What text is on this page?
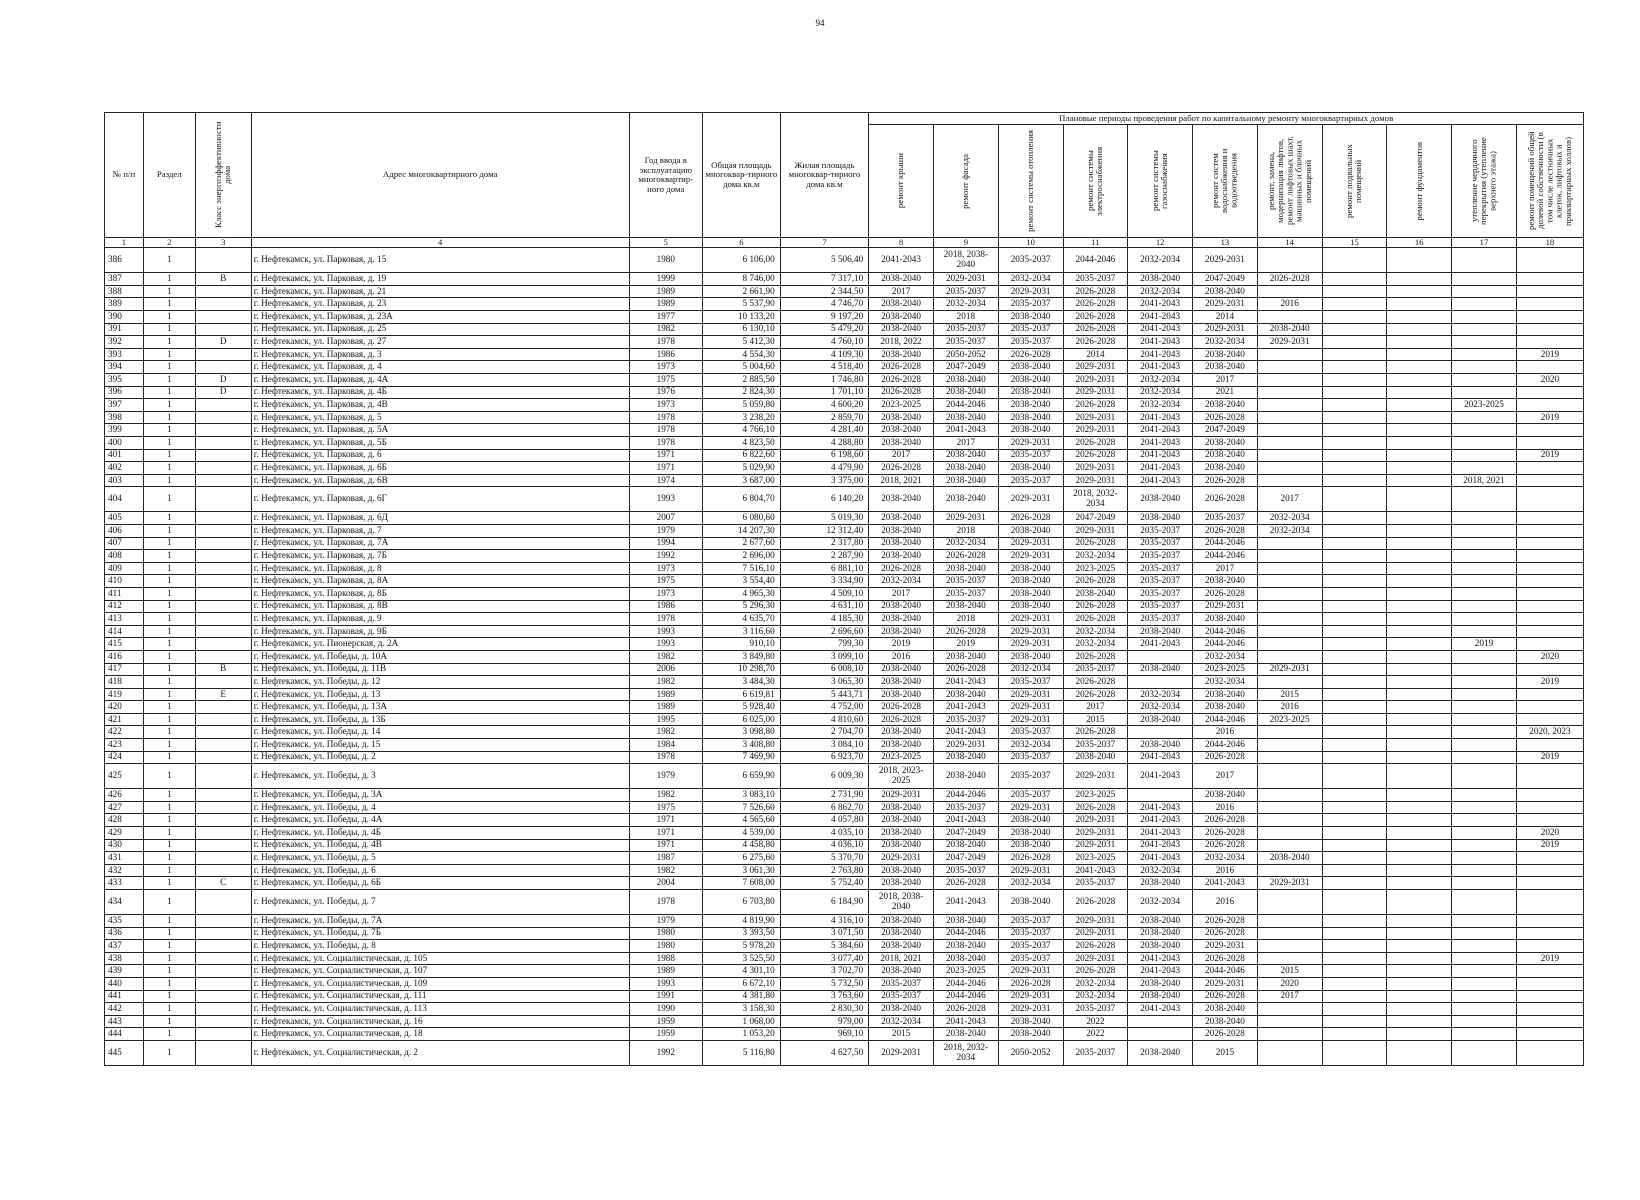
94
№ п/п	Раздел	Класс энергоэффективности дома	Адрес многоквартирного дома	Год ввода в эксплуатацию многоквартир-ного дома	Общая площадь многоквар-тирного дома кв.м	Жилая площадь многоквар-тирного дома кв.м	Плановые периоды проведения работ по капитальному ремонту многоквартирных домов										

							ремонт крыши	ремонт фасада	ремонт системы отопления	ремонт системы электроснабжения	ремонт системы газоснабжения	ремонт систем водоснабжения и водоотведения	ремонт, замена, модернизация лифтов, ремонт лифтовых шахт, машинных и блочных помещений	ремонт подвальных помещений	ремонт фундаментов	утепление чердачного перекрытия (утепление верхнего этажа)	ремонт помещений общей долевой собственности (в том числе лестничных клеток, лифтовых и приквартирных холлов)

1	2	3	4	5	6	7	8	9	10	11	12	13	14	15	16	17	18
386	1		г. Нефтекамск, ул. Парковая, д. 15	1980	6 106,00	5 506,40	2041-2043	2018, 2038-2040	2035-2037	2044-2046	2032-2034	2029-2031					
387	1	В	г. Нефтекамск, ул. Парковая, д. 19	1999	8 746,00	7 317,10	2038-2040	2029-2031	2032-2034	2035-2037	2038-2040	2047-2049	2026-2028				
388	1		г. Нефтекамск, ул. Парковая, д. 21	1989	2 661,90	2 344,50	2017	2035-2037	2029-2031	2026-2028	2032-2034	2038-2040					
389	1		г. Нефтекамск, ул. Парковая, д. 23	1989	5 537,90	4 746,70	2038-2040	2032-2034	2035-2037	2026-2028	2041-2043	2029-2031	2016				
390	1		г. Нефтекамск, ул. Парковая, д. 23А	1977	10 133,20	9 197,20	2038-2040	2018	2038-2040	2026-2028	2041-2043	2014					
391	1		г. Нефтекамск, ул. Парковая, д. 25	1982	6 130,10	5 479,20	2038-2040	2035-2037	2035-2037	2026-2028	2041-2043	2029-2031	2038-2040				
392	1	D	г. Нефтекамск, ул. Парковая, д. 27	1978	5 412,30	4 760,10	2018, 2022	2035-2037	2035-2037	2026-2028	2041-2043	2032-2034	2029-2031				
393	1		г. Нефтекамск, ул. Парковая, д. 3	1986	4 554,30	4 109,30	2038-2040	2050-2052	2026-2028	2014	2041-2043	2038-2040					2019
394	1		г. Нефтекамск, ул. Парковая, д. 4	1973	5 004,60	4 518,40	2026-2028	2047-2049	2038-2040	2029-2031	2041-2043	2038-2040					
395	1	D	г. Нефтекамск, ул. Парковая, д. 4А	1975	2 885,50	1 746,80	2026-2028	2038-2040	2038-2040	2029-2031	2032-2034	2017					2020
396	1	D	г. Нефтекамск, ул. Парковая, д. 4Б	1976	2 824,30	1 701,10	2026-2028	2038-2040	2038-2040	2029-2031	2032-2034	2021					
397	1		г. Нефтекамск, ул. Парковая, д. 4В	1973	5 059,80	4 600,20	2023-2025	2044-2046	2038-2040	2026-2028	2032-2034	2038-2040				2023-2025	
398	1		г. Нефтекамск, ул. Парковая, д. 5	1978	3 238,20	2 859,70	2038-2040	2038-2040	2038-2040	2029-2031	2041-2043	2026-2028					2019
399	1		г. Нефтекамск, ул. Парковая, д. 5А	1978	4 766,10	4 281,40	2038-2040	2041-2043	2038-2040	2029-2031	2041-2043	2047-2049					
400	1		г. Нефтекамск, ул. Парковая, д. 5Б	1978	4 823,50	4 288,80	2038-2040	2017	2029-2031	2026-2028	2041-2043	2038-2040					
401	1		г. Нефтекамск, ул. Парковая, д. 6	1971	6 822,60	6 198,60	2017	2038-2040	2035-2037	2026-2028	2041-2043	2038-2040					2019
402	1		г. Нефтекамск, ул. Парковая, д. 6Б	1971	5 029,90	4 479,90	2026-2028	2038-2040	2038-2040	2029-2031	2041-2043	2038-2040					
403	1		г. Нефтекамск, ул. Парковая, д. 6В	1974	3 687,00	3 375,00	2018, 2021	2038-2040	2035-2037	2029-2031	2041-2043	2026-2028				2018, 2021	
404	1		г. Нефтекамск, ул. Парковая, д. 6Г	1993	6 804,70	6 140,20	2038-2040	2038-2040	2029-2031	2018, 2032-2034	2038-2040	2026-2028	2017				
405	1		г. Нефтекамск, ул. Парковая, д. 6Д	2007	6 080,60	5 019,30	2038-2040	2029-2031	2026-2028	2047-2049	2038-2040	2035-2037	2032-2034				
406	1		г. Нефтекамск, ул. Парковая, д. 7	1979	14 207,30	12 312,40	2038-2040	2018	2038-2040	2029-2031	2035-2037	2026-2028	2032-2034				
407	1		г. Нефтекамск, ул. Парковая, д. 7А	1994	2 677,60	2 317,80	2038-2040	2032-2034	2029-2031	2026-2028	2035-2037	2044-2046					
408	1		г. Нефтекамск, ул. Парковая, д. 7Б	1992	2 696,00	2 287,90	2038-2040	2026-2028	2029-2031	2032-2034	2035-2037	2044-2046					
409	1		г. Нефтекамск, ул. Парковая, д. 8	1973	7 516,10	6 881,10	2026-2028	2038-2040	2038-2040	2023-2025	2035-2037	2017					
410	1		г. Нефтекамск, ул. Парковая, д. 8А	1975	3 554,40	3 334,90	2032-2034	2035-2037	2038-2040	2026-2028	2035-2037	2038-2040					
411	1		г. Нефтекамск, ул. Парковая, д. 8Б	1973	4 965,30	4 509,10	2017	2035-2037	2038-2040	2038-2040	2035-2037	2026-2028					
412	1		г. Нефтекамск, ул. Парковая, д. 8В	1986	5 296,30	4 631,10	2038-2040	2038-2040	2038-2040	2026-2028	2035-2037	2029-2031					
413	1		г. Нефтекамск, ул. Парковая, д. 9	1978	4 635,70	4 185,30	2038-2040	2018	2029-2031	2026-2028	2035-2037	2038-2040					
414	1		г. Нефтекамск, ул. Парковая, д. 9Б	1993	3 116,60	2 696,60	2038-2040	2026-2028	2029-2031	2032-2034	2038-2040	2044-2046					
415	1		г. Нефтекамск, ул. Пионерская, д. 2А	1993	910,10	799,30	2019	2019	2029-2031	2032-2034	2041-2043	2044-2046				2019	
416	1		г. Нефтекамск, ул. Победы, д. 10А	1982	3 849,80	3 099,10	2016	2038-2040	2038-2040	2026-2028		2032-2034					2020
417	1	В	г. Нефтекамск, ул. Победы, д. 11В	2006	10 298,70	6 008,10	2038-2040	2026-2028	2032-2034	2035-2037	2038-2040	2023-2025	2029-2031				
418	1		г. Нефтекамск, ул. Победы, д. 12	1982	3 484,30	3 065,30	2038-2040	2041-2043	2035-2037	2026-2028		2032-2034					2019
419	1	Е	г. Нефтекамск, ул. Победы, д. 13	1989	6 619,81	5 443,71	2038-2040	2038-2040	2029-2031	2026-2028	2032-2034	2038-2040	2015				
420	1		г. Нефтекамск, ул. Победы, д. 13А	1989	5 928,40	4 752,00	2026-2028	2041-2043	2029-2031	2017	2032-2034	2038-2040	2016				
421	1		г. Нефтекамск, ул. Победы, д. 13Б	1995	6 025,00	4 810,60	2026-2028	2035-2037	2029-2031	2015	2038-2040	2044-2046	2023-2025				
422	1		г. Нефтекамск, ул. Победы, д. 14	1982	3 098,80	2 704,70	2038-2040	2041-2043	2035-2037	2026-2028		2016					2020, 2023
423	1		г. Нефтекамск, ул. Победы, д. 15	1984	3 408,80	3 084,10	2038-2040	2029-2031	2032-2034	2035-2037	2038-2040	2044-2046					
424	1		г. Нефтекамск, ул. Победы, д. 2	1978	7 469,90	6 923,70	2023-2025	2038-2040	2035-2037	2038-2040	2041-2043	2026-2028					2019
425	1		г. Нефтекамск, ул. Победы, д. 3	1979	6 659,90	6 009,30	2018, 2023-2025	2038-2040	2035-2037	2029-2031	2041-2043	2017					
426	1		г. Нефтекамск, ул. Победы, д. 3А	1982	3 083,10	2 731,90	2029-2031	2044-2046	2035-2037	2023-2025		2038-2040					
427	1		г. Нефтекамск, ул. Победы, д. 4	1975	7 526,60	6 862,70	2038-2040	2035-2037	2029-2031	2026-2028	2041-2043	2016					
428	1		г. Нефтекамск, ул. Победы, д. 4А	1971	4 565,60	4 057,80	2038-2040	2041-2043	2038-2040	2029-2031	2041-2043	2026-2028					
429	1		г. Нефтекамск, ул. Победы, д. 4Б	1971	4 539,00	4 035,10	2038-2040	2047-2049	2038-2040	2029-2031	2041-2043	2026-2028					2020
430	1		г. Нефтекамск, ул. Победы, д. 4В	1971	4 458,80	4 036,10	2038-2040	2038-2040	2038-2040	2029-2031	2041-2043	2026-2028					2019
431	1		г. Нефтекамск, ул. Победы, д. 5	1987	6 275,60	5 370,70	2029-2031	2047-2049	2026-2028	2023-2025	2041-2043	2032-2034	2038-2040				
432	1		г. Нефтекамск, ул. Победы, д. 6	1982	3 061,30	2 763,80	2038-2040	2035-2037	2029-2031	2041-2043	2032-2034	2016					
433	1	С	г. Нефтекамск, ул. Победы, д. 6Б	2004	7 608,00	5 752,40	2038-2040	2026-2028	2032-2034	2035-2037	2038-2040	2041-2043	2029-2031				
434	1		г. Нефтекамск, ул. Победы, д. 7	1978	6 703,80	6 184,90	2018, 2038-2040	2041-2043	2038-2040	2026-2028	2032-2034	2016					
435	1		г. Нефтекамск, ул. Победы, д. 7А	1979	4 819,90	4 316,10	2038-2040	2038-2040	2035-2037	2029-2031	2038-2040	2026-2028					
436	1		г. Нефтекамск, ул. Победы, д. 7Б	1980	3 393,50	3 071,50	2038-2040	2044-2046	2035-2037	2029-2031	2038-2040	2026-2028					
437	1		г. Нефтекамск, ул. Победы, д. 8	1980	5 978,20	5 384,60	2038-2040	2038-2040	2035-2037	2026-2028	2038-2040	2029-2031					
438	1		г. Нефтекамск, ул. Социалистическая, д. 105	1988	3 525,50	3 077,40	2018, 2021	2038-2040	2035-2037	2029-2031	2041-2043	2026-2028					2019
439	1		г. Нефтекамск, ул. Социалистическая, д. 107	1989	4 301,10	3 702,70	2038-2040	2023-2025	2029-2031	2026-2028	2041-2043	2044-2046	2015				
440	1		г. Нефтекамск, ул. Социалистическая, д. 109	1993	6 672,10	5 732,50	2035-2037	2044-2046	2026-2028	2032-2034	2038-2040	2029-2031	2020				
441	1		г. Нефтекамск, ул. Социалистическая, д. 111	1991	4 381,80	3 763,60	2035-2037	2044-2046	2029-2031	2032-2034	2038-2040	2026-2028	2017				
442	1		г. Нефтекамск, ул. Социалистическая, д. 113	1990	3 158,30	2 830,30	2038-2040	2026-2028	2029-2031	2035-2037	2041-2043	2038-2040					
443	1		г. Нефтекамск, ул. Социалистическая, д. 16	1959	1 068,00	979,00	2032-2034	2041-2043	2038-2040	2022		2038-2040					
444	1		г. Нефтекамск, ул. Социалистическая, д. 18	1959	1 053,20	969,10	2015	2038-2040	2038-2040	2022		2026-2028					
445	1		г. Нефтекамск, ул. Социалистическая, д. 2	1992	5 116,80	4 627,50	2029-2031	2018, 2032-2034	2050-2052	2035-2037	2038-2040	2015					
